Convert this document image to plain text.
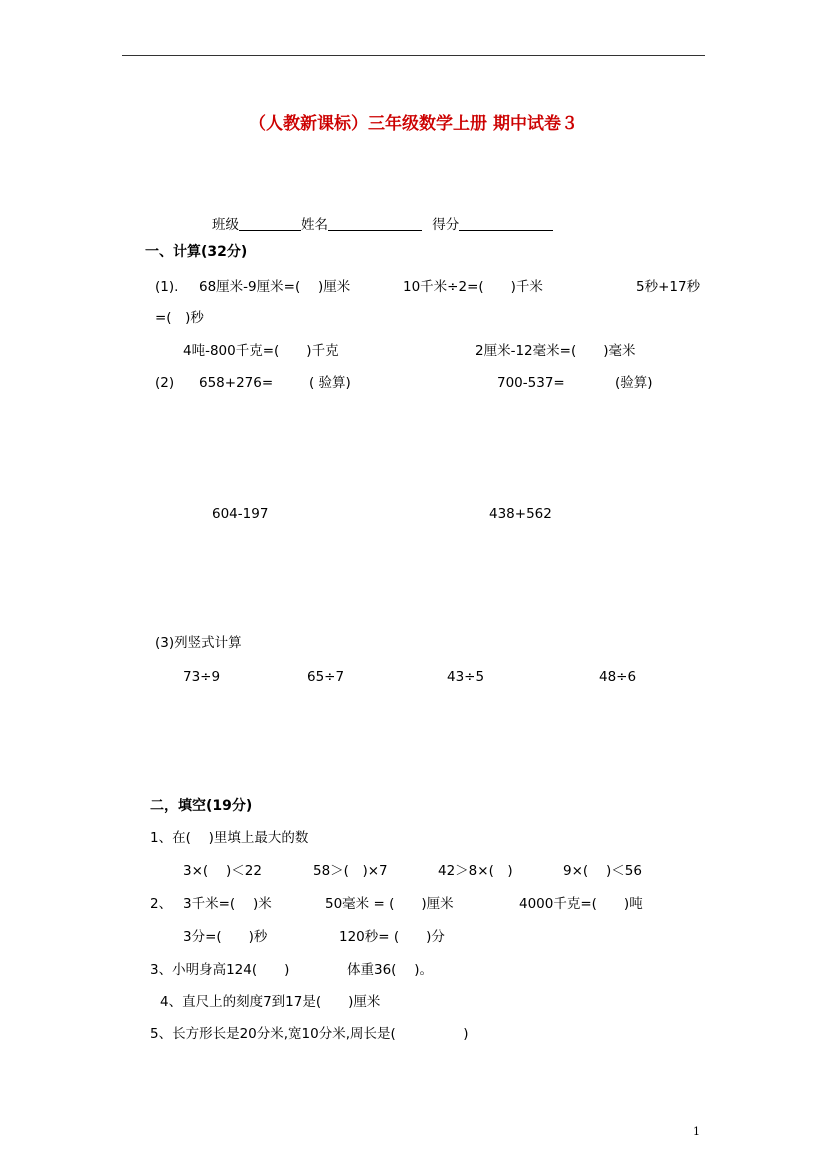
（人教新课标）三年级数学上册 期中试卷３
班级	姓名	得分
一、计算(32分)
(1). 68厘米-9厘米=(　 )厘米	10千米÷2=(　　)千米	5秒+17秒
=(　)秒
4吨-800千克=(　　)千克	2厘米-12毫米=(　　)毫米
(2) 658+276=	( 验算)	700-537=	(验算)
604-197	438+562
(3)列竖式计算
73÷9	65÷7	43÷5	48÷6
二，填空(19分)
1、在(　 )里填上最大的数
3×(　 )＜22	58＞(　)×7	42＞8×(　)	9×(　 )＜56
2、 3千米=(　 )米	50毫米 = (　　)厘米	4000千克=(　　)吨
3分=(　　)秒	120秒= (　　)分
3、小明身高124(　　)	体重36(　 )。
4、直尺上的刻度7到17是(　　)厘米
5、长方形长是20分米,宽10分米,周长是(　　　　　)
1
